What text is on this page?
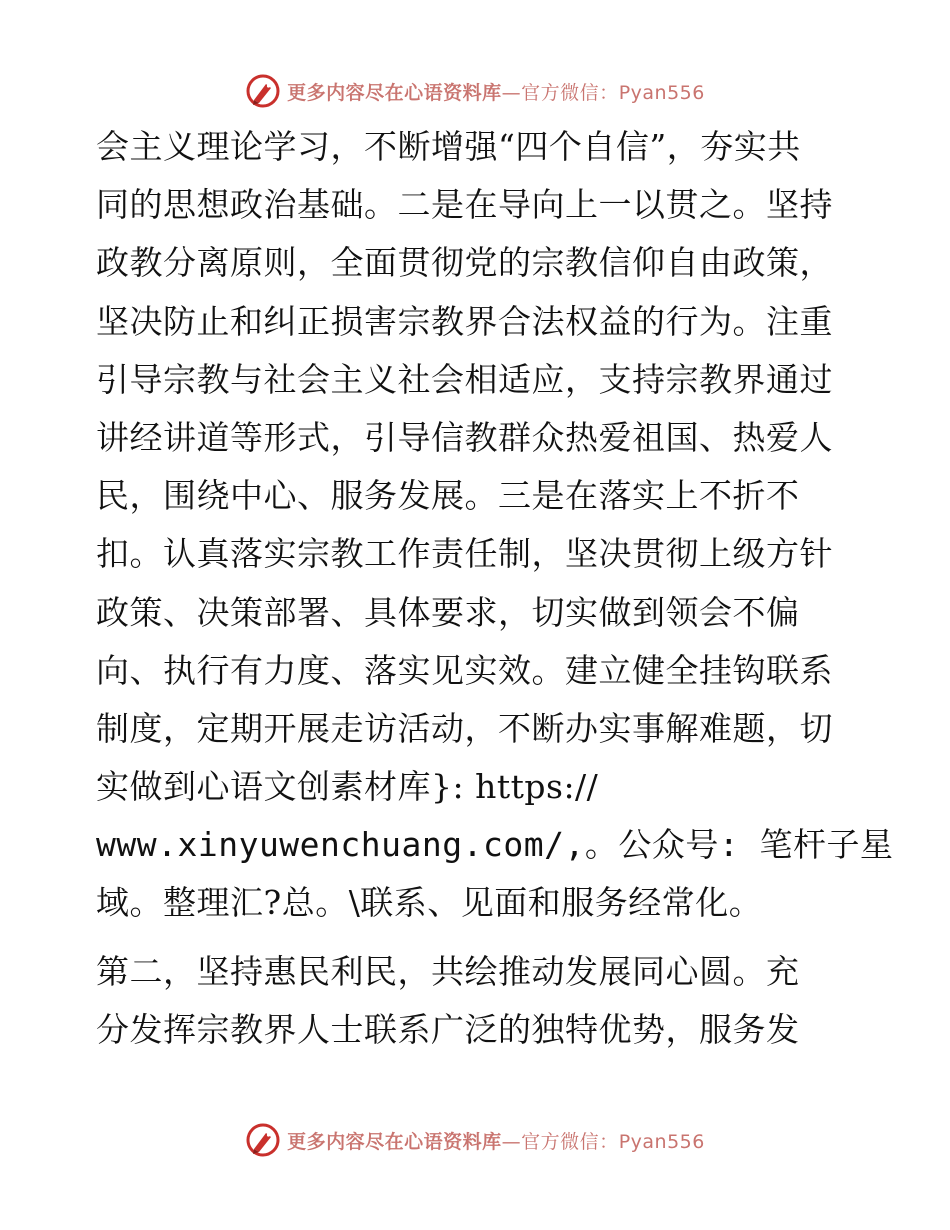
更多内容尽在心语资料库—官方微信：Pyan556
会主义理论学习，不断增强“四个自信”，夯实共
同的思想政治基础。二是在导向上一以贯之。坚持
政教分离原则，全面贯彻党的宗教信仰自由政策，
坚决防止和纠正损害宗教界合法权益的行为。注重
引导宗教与社会主义社会相适应，支持宗教界通过
讲经讲道等形式，引导信教群众热爱祖国、热爱人
民，围绕中心、服务发展。三是在落实上不折不
扣。认真落实宗教工作责任制，坚决贯彻上级方针
政策、决策部署、具体要求，切实做到领会不偏
向、执行有力度、落实见实效。建立健全挂钩联系
制度，定期开展走访活动，不断办实事解难题，切
实做到心语文创素材库}: https://
www.xinyuwenchuang.com/,。公众号: 笔杆子星
域。整理汇?总。\联系、见面和服务经常化。
第二，坚持惠民利民，共绘推动发展同心圆。充
分发挥宗教界人士联系广泛的独特优势，服务发
更多内容尽在心语资料库—官方微信：Pyan556
